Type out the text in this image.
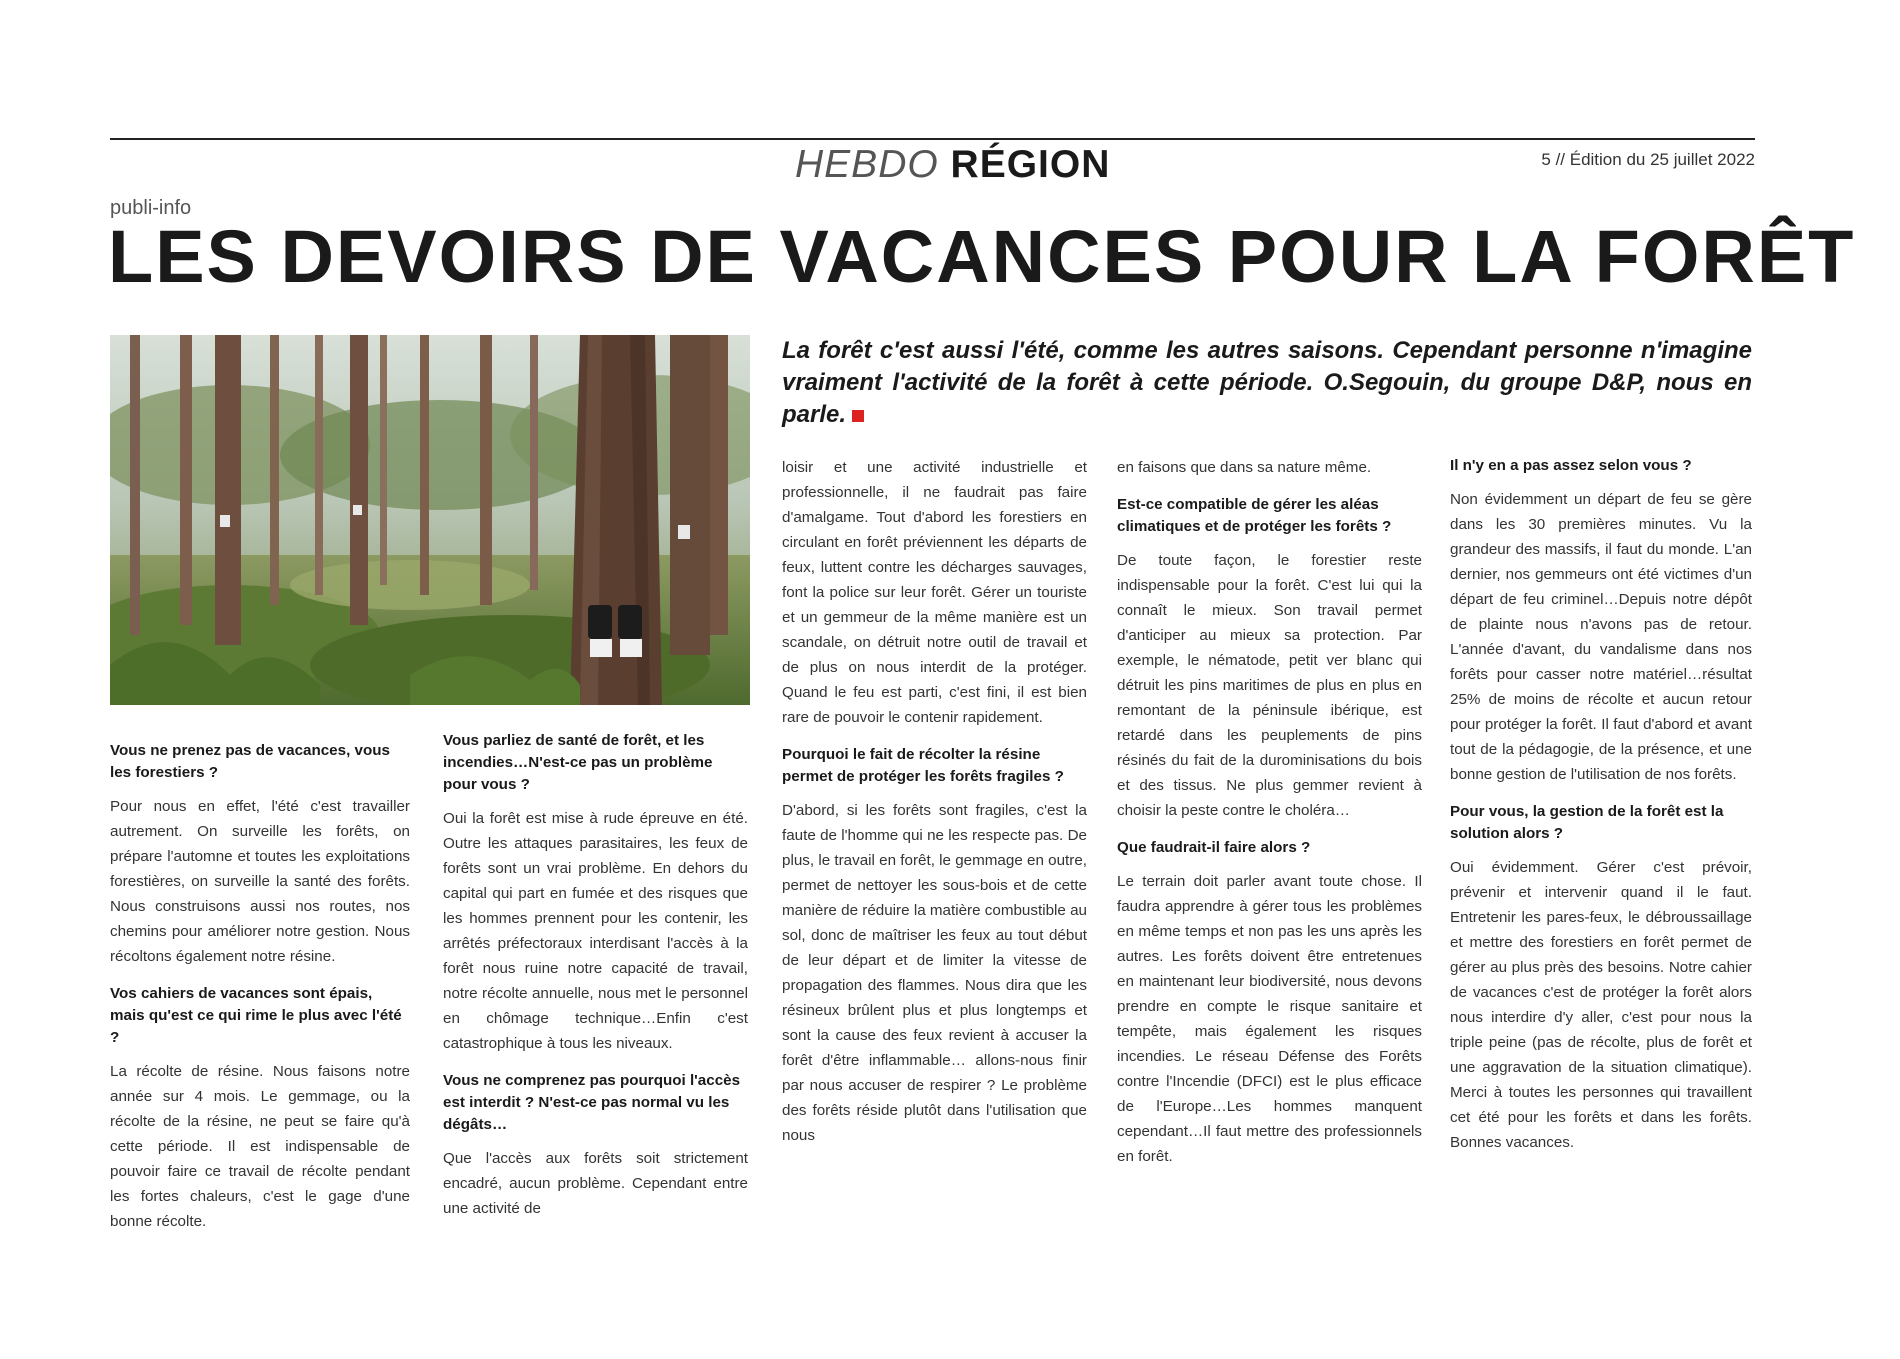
HEBDO RÉGION	5 // Édition du 25 juillet 2022
publi-info
LES DEVOIRS DE VACANCES POUR LA FORÊT
La forêt c'est aussi l'été, comme les autres saisons. Cependant personne n'imagine vraiment l'activité de la forêt à cette période. O.Segouin, du groupe D&P, nous en parle.
Vous ne prenez pas de vacances, vous les forestiers ?

Pour nous en effet, l'été c'est travailler autrement. On surveille les forêts, on prépare l'automne et toutes les exploitations forestières, on surveille la santé des forêts. Nous construisons aussi nos routes, nos chemins pour améliorer notre gestion. Nous récoltons également notre résine.

Vos cahiers de vacances sont épais, mais qu'est ce qui rime le plus avec l'été ?

La récolte de résine. Nous faisons notre année sur 4 mois. Le gemmage, ou la récolte de la résine, ne peut se faire qu'à cette période. Il est indispensable de pouvoir faire ce travail de récolte pendant les fortes chaleurs, c'est le gage d'une bonne récolte.

Vous parliez de santé de forêt, et les incendies…N'est-ce pas un problème pour vous ?

Oui la forêt est mise à rude épreuve en été. Outre les attaques parasitaires, les feux de forêts sont un vrai problème. En dehors du capital qui part en fumée et des risques que les hommes prennent pour les contenir, les arrêtés préfectoraux interdisant l'accès à la forêt nous ruine notre capacité de travail, notre récolte annuelle, nous met le personnel en chômage technique…Enfin c'est catastrophique à tous les niveaux.

Vous ne comprenez pas pourquoi l'accès est interdit ? N'est-ce pas normal vu les dégâts…

Que l'accès aux forêts soit strictement encadré, aucun problème. Cependant entre une activité de

loisir et une activité industrielle et professionnelle, il ne faudrait pas faire d'amalgame. Tout d'abord les forestiers en circulant en forêt préviennent les départs de feux, luttent contre les décharges sauvages, font la police sur leur forêt. Gérer un touriste et un gemmeur de la même manière est un scandale, on détruit notre outil de travail et de plus on nous interdit de la protéger. Quand le feu est parti, c'est fini, il est bien rare de pouvoir le contenir rapidement.

Pourquoi le fait de récolter la résine permet de protéger les forêts fragiles ?

D'abord, si les forêts sont fragiles, c'est la faute de l'homme qui ne les respecte pas. De plus, le travail en forêt, le gemmage en outre, permet de nettoyer les sous-bois et de cette manière de réduire la matière combustible au sol, donc de maîtriser les feux au tout début de leur départ et de limiter la vitesse de propagation des flammes. Nous dira que les résineux brûlent plus et plus longtemps et sont la cause des feux revient à accuser la forêt d'être inflammable… allons-nous finir par nous accuser de respirer ? Le problème des forêts réside plutôt dans l'utilisation que nous

en faisons que dans sa nature même.

Est-ce compatible de gérer les aléas climatiques et de protéger les forêts ?

De toute façon, le forestier reste indispensable pour la forêt. C'est lui qui la connaît le mieux. Son travail permet d'anticiper au mieux sa protection. Par exemple, le nématode, petit ver blanc qui détruit les pins maritimes de plus en plus en remontant de la péninsule ibérique, est retardé dans les peuplements de pins résinés du fait de la durominisations du bois et des tissus. Ne plus gemmer revient à choisir la peste contre le choléra…

Que faudrait-il faire alors ?

Le terrain doit parler avant toute chose. Il faudra apprendre à gérer tous les problèmes en même temps et non pas les uns après les autres. Les forêts doivent être entretenues en maintenant leur biodiversité, nous devons prendre en compte le risque sanitaire et tempête, mais également les risques incendies. Le réseau Défense des Forêts contre l'Incendie (DFCI) est le plus efficace de l'Europe…Les hommes manquent cependant…Il faut mettre des professionnels en forêt.

Il n'y en a pas assez selon vous ?

Non évidemment un départ de feu se gère dans les 30 premières minutes. Vu la grandeur des massifs, il faut du monde. L'an dernier, nos gemmeurs ont été victimes d'un départ de feu criminel…Depuis notre dépôt de plainte nous n'avons pas de retour. L'année d'avant, du vandalisme dans nos forêts pour casser notre matériel…résultat 25% de moins de récolte et aucun retour pour protéger la forêt. Il faut d'abord et avant tout de la pédagogie, de la présence, et une bonne gestion de l'utilisation de nos forêts.

Pour vous, la gestion de la forêt est la solution alors ?

Oui évidemment. Gérer c'est prévoir, prévenir et intervenir quand il le faut. Entretenir les pares-feux, le débroussaillage et mettre des forestiers en forêt permet de gérer au plus près des besoins. Notre cahier de vacances c'est de protéger la forêt alors nous interdire d'y aller, c'est pour nous la triple peine (pas de récolte, plus de forêt et une aggravation de la situation climatique). Merci à toutes les personnes qui travaillent cet été pour les forêts et dans les forêts. Bonnes vacances.
